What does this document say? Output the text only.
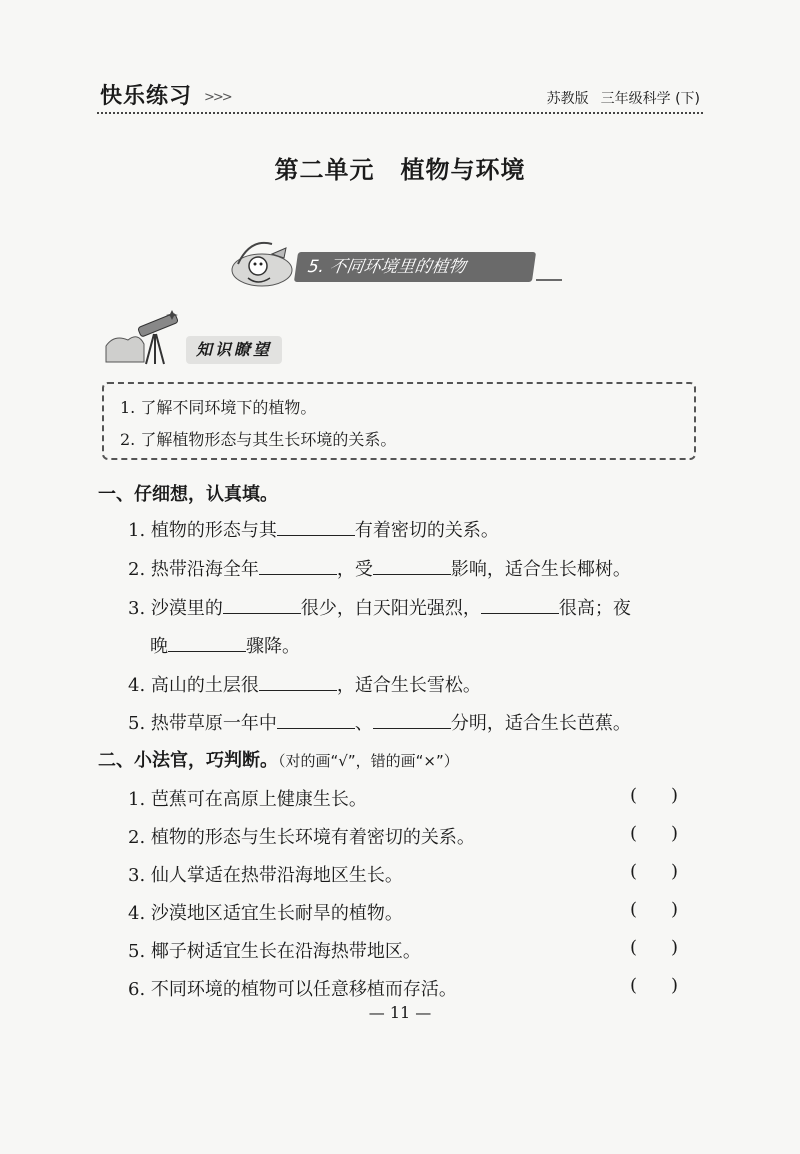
快乐练习 >>>	苏教版 三年级科学 (下)
第二单元 植物与环境
5. 不同环境里的植物
知识瞭望
1. 了解不同环境下的植物。
2. 了解植物形态与其生长环境的关系。
一、仔细想，认真填。
1. 植物的形态与其	有着密切的关系。
2. 热带沿海全年	，受	影响，适合生长椰树。
3. 沙漠里的	很少，白天阳光强烈，	很高；夜
晚	骤降。
4. 高山的土层很	，适合生长雪松。
5. 热带草原一年中	、	分明，适合生长芭蕉。
二、小法官，巧判断。（对的画“√”，错的画“×”）
1. 芭蕉可在高原上健康生长。	()
2. 植物的形态与生长环境有着密切的关系。	()
3. 仙人掌适在热带沿海地区生长。	()
4. 沙漠地区适宜生长耐旱的植物。	()
5. 椰子树适宜生长在沿海热带地区。	()
6. 不同环境的植物可以任意移植而存活。	()
— 11 —
